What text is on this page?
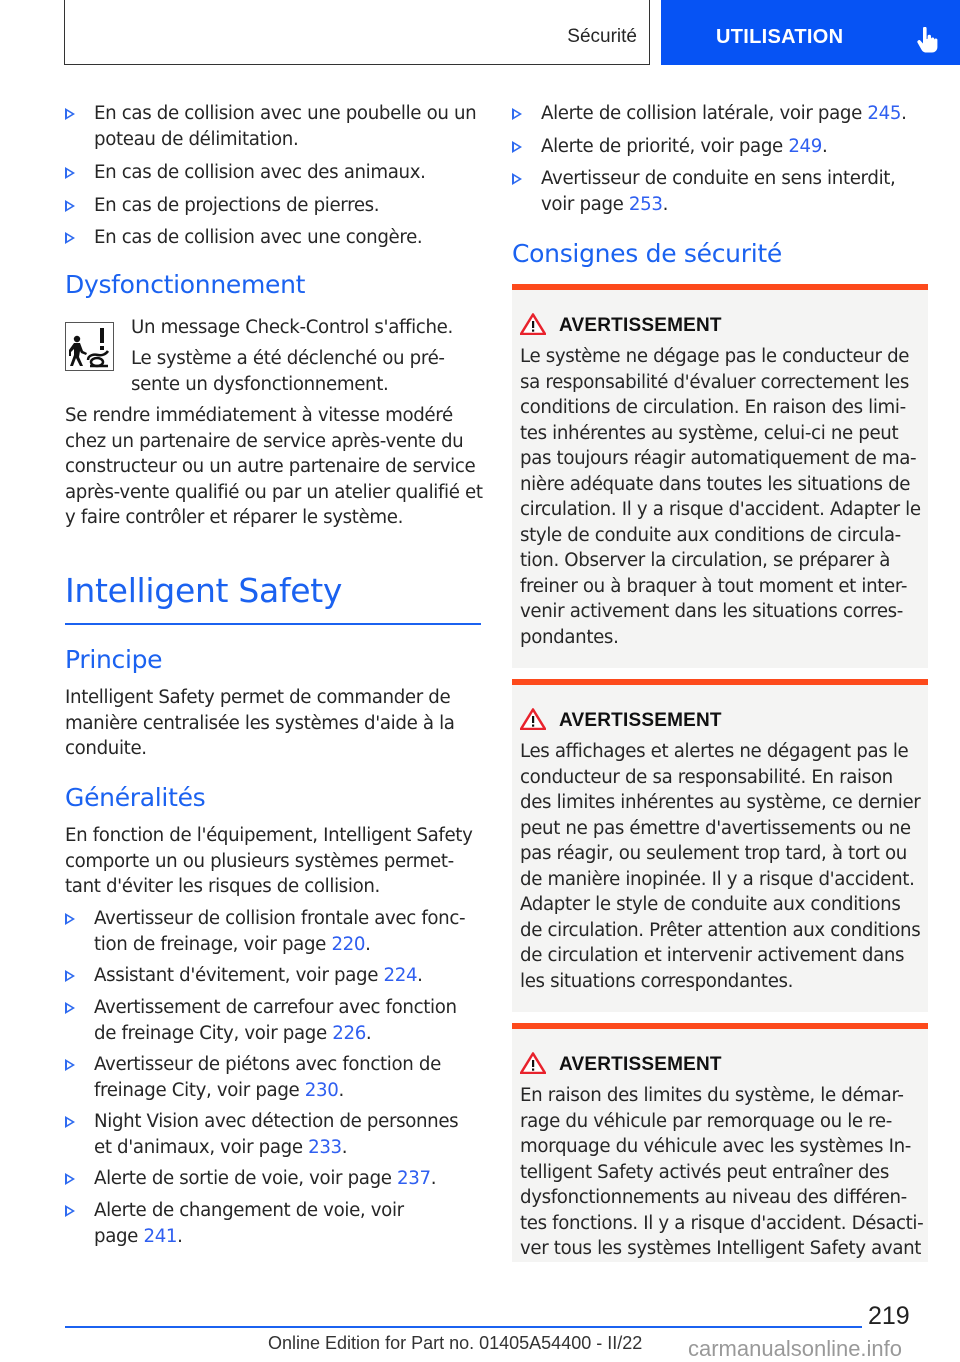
Sécurité	UTILISATION
En cas de collision avec une poubelle ou un
poteau de délimitation.
En cas de collision avec des animaux.
En cas de projections de pierres.
En cas de collision avec une congère.
Dysfonctionnement
Un message Check-Control s'affiche.
Le système a été déclenché ou pré-
sente un dysfonctionnement.
Se rendre immédiatement à vitesse modéré
chez un partenaire de service après-vente du
constructeur ou un autre partenaire de service
après-vente qualifié ou par un atelier qualifié et
y faire contrôler et réparer le système.
Intelligent Safety
Principe
Intelligent Safety permet de commander de
manière centralisée les systèmes d'aide à la
conduite.
Généralités
En fonction de l'équipement, Intelligent Safety
comporte un ou plusieurs systèmes permet-
tant d'éviter les risques de collision.
Avertisseur de collision frontale avec fonc-
tion de freinage, voir page 220.
Assistant d'évitement, voir page 224.
Avertissement de carrefour avec fonction
de freinage City, voir page 226.
Avertisseur de piétons avec fonction de
freinage City, voir page 230.
Night Vision avec détection de personnes
et d'animaux, voir page 233.
Alerte de sortie de voie, voir page 237.
Alerte de changement de voie, voir
page 241.
Alerte de collision latérale, voir page 245.
Alerte de priorité, voir page 249.
Avertisseur de conduite en sens interdit,
voir page 253.
Consignes de sécurité
AVERTISSEMENT
Le système ne dégage pas le conducteur de
sa responsabilité d'évaluer correctement les
conditions de circulation. En raison des limi-
tes inhérentes au système, celui-ci ne peut
pas toujours réagir automatiquement de ma-
nière adéquate dans toutes les situations de
circulation. Il y a risque d'accident. Adapter le
style de conduite aux conditions de circula-
tion. Observer la circulation, se préparer à
freiner ou à braquer à tout moment et inter-
venir activement dans les situations corres-
pondantes.
AVERTISSEMENT
Les affichages et alertes ne dégagent pas le
conducteur de sa responsabilité. En raison
des limites inhérentes au système, ce dernier
peut ne pas émettre d'avertissements ou ne
pas réagir, ou seulement trop tard, à tort ou
de manière inopinée. Il y a risque d'accident.
Adapter le style de conduite aux conditions
de circulation. Prêter attention aux conditions
de circulation et intervenir activement dans
les situations correspondantes.
AVERTISSEMENT
En raison des limites du système, le démar-
rage du véhicule par remorquage ou le re-
morquage du véhicule avec les systèmes In-
telligent Safety activés peut entraîner des
dysfonctionnements au niveau des différen-
tes fonctions. Il y a risque d'accident. Désacti-
ver tous les systèmes Intelligent Safety avant
219
Online Edition for Part no. 01405A54400 - II/22 carmanualsonline.info
